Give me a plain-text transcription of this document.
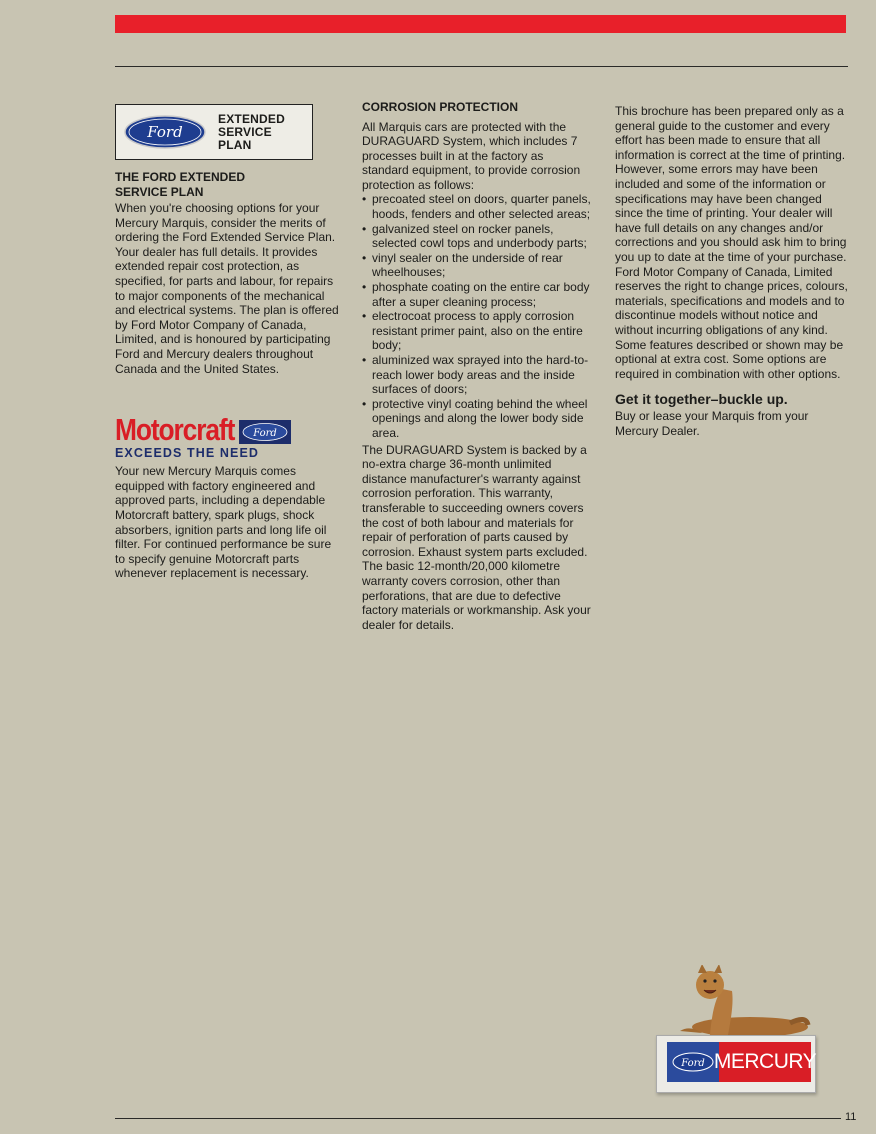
Ford
EXTENDED
SERVICE
PLAN
THE FORD EXTENDED
SERVICE PLAN

When you're choosing options for your Mercury Marquis, consider the merits of ordering the Ford Extended Service Plan. Your dealer has full details. It provides extended repair cost protection, as specified, for parts and labour, for repairs to major components of the mechanical and electrical systems. The plan is offered by Ford Motor Company of Canada, Limited, and is honoured by participating Ford and Mercury dealers throughout Canada and the United States.

Motorcraft Ford
EXCEEDS THE NEED

Your new Mercury Marquis comes equipped with factory engineered and approved parts, including a dependable Motorcraft battery, spark plugs, shock absorbers, ignition parts and long life oil filter. For continued performance be sure to specify genuine Motorcraft parts whenever replacement is necessary.

CORROSION PROTECTION

All Marquis cars are protected with the DURAGUARD System, which includes 7 processes built in at the factory as standard equipment, to provide corrosion protection as follows:

• precoated steel on doors, quarter panels, hoods, fenders and other selected areas;
• galvanized steel on rocker panels, selected cowl tops and underbody parts;
• vinyl sealer on the underside of rear wheelhouses;
• phosphate coating on the entire car body after a super cleaning process;
• electrocoat process to apply corrosion resistant primer paint, also on the entire body;
• aluminized wax sprayed into the hard-to-reach lower body areas and the inside surfaces of doors;
• protective vinyl coating behind the wheel openings and along the lower body side area.

The DURAGUARD System is backed by a no-extra charge 36-month unlimited distance manufacturer's warranty against corrosion perforation. This warranty, transferable to succeeding owners covers the cost of both labour and materials for repair of perforation of parts caused by corrosion. Exhaust system parts excluded. The basic 12-month/20,000 kilometre warranty covers corrosion, other than perforations, that are due to defective factory materials or workmanship. Ask your dealer for details.

This brochure has been prepared only as a general guide to the customer and every effort has been made to ensure that all information is correct at the time of printing. However, some errors may have been included and some of the information or specifications may have been changed since the time of printing. Your dealer will have full details on any changes and/or corrections and you should ask him to bring you up to date at the time of your purchase. Ford Motor Company of Canada, Limited reserves the right to change prices, colours, materials, specifications and models and to discontinue models without notice and without incurring obligations of any kind. Some features described or shown may be optional at extra cost. Some options are required in combination with other options.

Get it together–buckle up.

Buy or lease your Marquis from your Mercury Dealer.

Ford MERCURY
11
